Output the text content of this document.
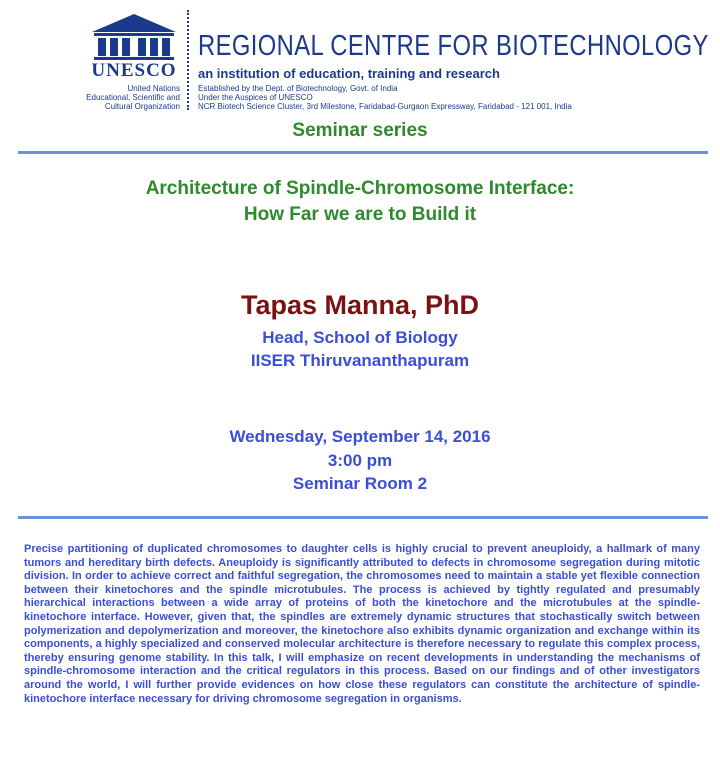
UNESCO
United Nations
Educational, Scientific and
Cultural Organization
REGIONAL CENTRE FOR BIOTECHNOLOGY
an institution of education, training and research
Established by the Dept. of Biotechnology, Govt. of India
Under the Auspices of UNESCO
NCR Biotech Science Cluster, 3rd Milestone, Faridabad-Gurgaon Expressway, Faridabad - 121 001, India
Seminar series
Architecture of Spindle-Chromosome Interface:
How Far we are to Build it
Tapas Manna, PhD
Head, School of Biology
IISER Thiruvananthapuram
Wednesday, September 14, 2016
3:00 pm
Seminar Room 2

Precise partitioning of duplicated chromosomes to daughter cells is highly crucial to prevent aneuploidy, a hallmark of many tumors and hereditary birth defects. Aneuploidy is significantly attributed to defects in chromosome segregation during mitotic division. In order to achieve correct and faithful segregation, the chromosomes need to maintain a stable yet flexible connection between their kinetochores and the spindle microtubules. The process is achieved by tightly regulated and presumably hierarchical interactions between a wide array of proteins of both the kinetochore and the microtubules at the spindle-kinetochore interface. However, given that, the spindles are extremely dynamic structures that stochastically switch between polymerization and depolymerization and moreover, the kinetochore also exhibits dynamic organization and exchange within its components, a highly specialized and conserved molecular architecture is therefore necessary to regulate this complex process, thereby ensuring genome stability. In this talk, I will emphasize on recent developments in understanding the mechanisms of spindle-chromosome interaction and the critical regulators in this process. Based on our findings and of other investigators around the world, I will further provide evidences on how close these regulators can constitute the architecture of spindle-kinetochore interface necessary for driving chromosome segregation in organisms.
